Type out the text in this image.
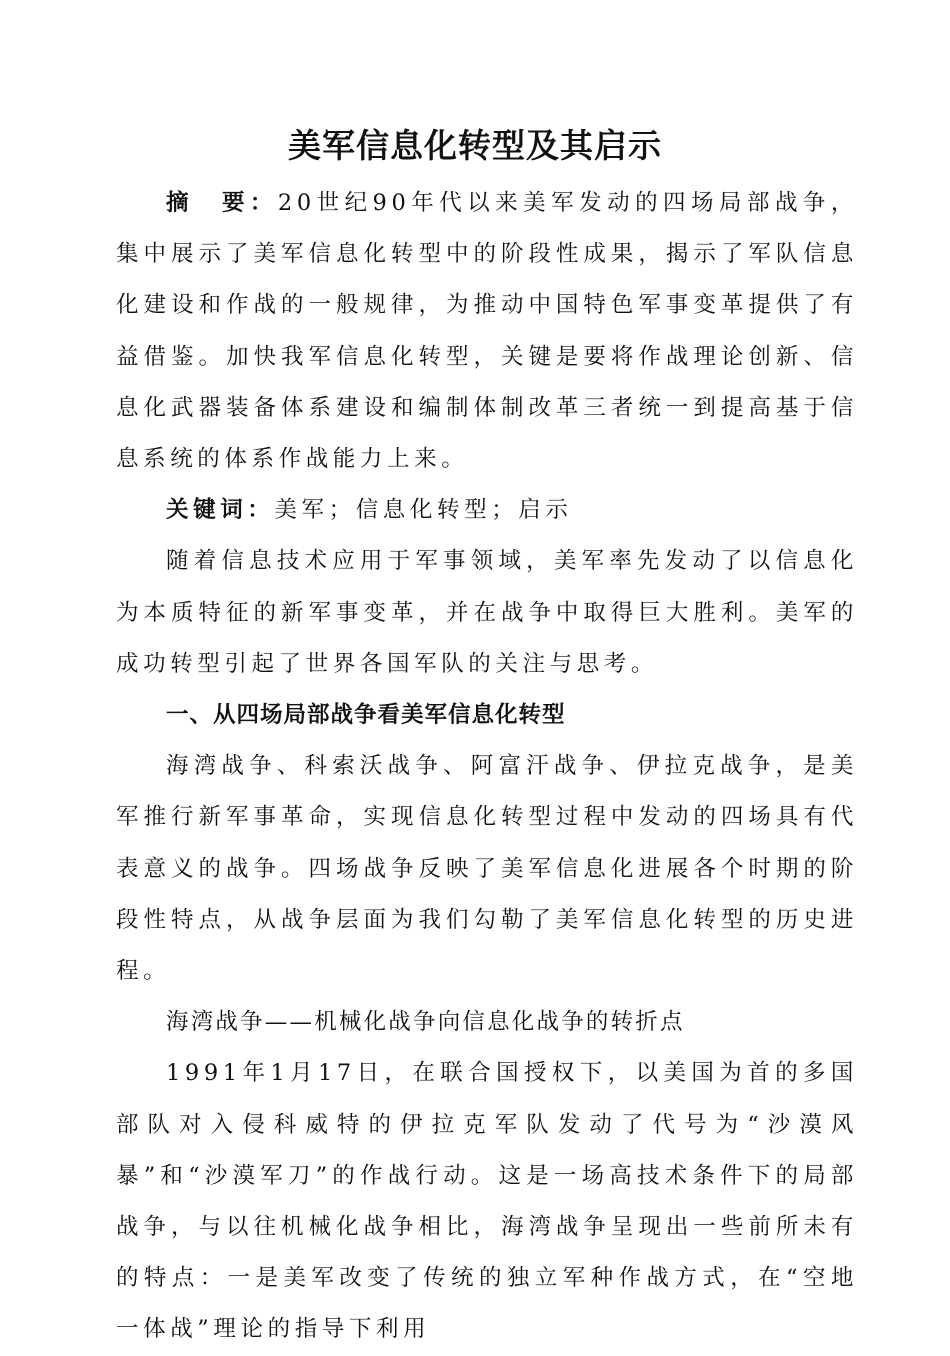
美军信息化转型及其启示

摘　要：20世纪90年代以来美军发动的四场局部战争，集中展示了美军信息化转型中的阶段性成果，揭示了军队信息化建设和作战的一般规律，为推动中国特色军事变革提供了有益借鉴。加快我军信息化转型，关键是要将作战理论创新、信息化武器装备体系建设和编制体制改革三者统一到提高基于信息系统的体系作战能力上来。

关键词：美军；信息化转型；启示

随着信息技术应用于军事领域，美军率先发动了以信息化为本质特征的新军事变革，并在战争中取得巨大胜利。美军的成功转型引起了世界各国军队的关注与思考。

一、从四场局部战争看美军信息化转型

海湾战争、科索沃战争、阿富汗战争、伊拉克战争，是美军推行新军事革命，实现信息化转型过程中发动的四场具有代表意义的战争。四场战争反映了美军信息化进展各个时期的阶段性特点，从战争层面为我们勾勒了美军信息化转型的历史进程。

海湾战争——机械化战争向信息化战争的转折点

1991年1月17日，在联合国授权下，以美国为首的多国部队对入侵科威特的伊拉克军队发动了代号为“沙漠风暴”和“沙漠军刀”的作战行动。这是一场高技术条件下的局部战争，与以往机械化战争相比，海湾战争呈现出一些前所未有的特点：一是美军改变了传统的独立军种作战方式，在“空地一体战”理论的指导下利用
